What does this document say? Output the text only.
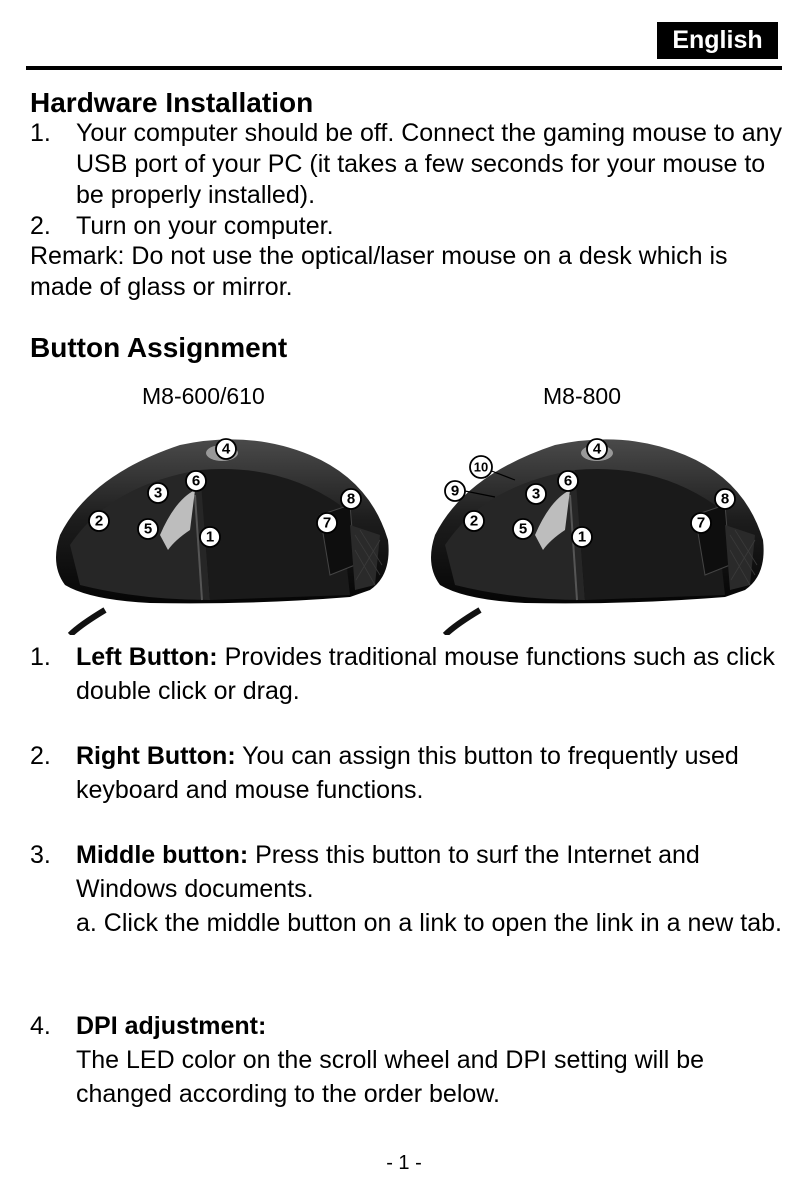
English
Hardware Installation
1. Your computer should be off. Connect the gaming mouse to any USB port of your PC (it takes a few seconds for your mouse to be properly installed).
2. Turn on your computer.
Remark: Do not use the optical/laser mouse on a desk which is made of glass or mirror.
Button Assignment
M8-600/610	M8-800
1
2
3
4
5
6
7
8
1
2
3
4
5
6
7
8
9
10
1. Left Button: Provides traditional mouse functions such as click double click or drag.
2. Right Button: You can assign this button to frequently used keyboard and mouse functions.
3. Middle button: Press this button to surf the Internet and Windows documents.
a. Click the middle button on a link to open the link in a new tab.
4. DPI adjustment:
The LED color on the scroll wheel and DPI setting will be changed according to the order below.
- 1 -
